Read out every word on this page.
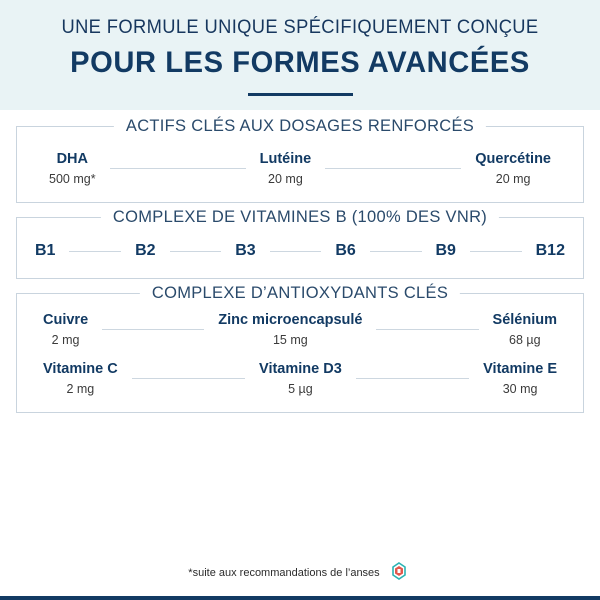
UNE FORMULE UNIQUE SPÉCIFIQUEMENT CONÇUE
POUR LES FORMES AVANCÉES
ACTIFS CLÉS AUX DOSAGES RENFORCÉS
DHA
500 mg*
Lutéine
20 mg
Quercétine
20 mg
COMPLEXE DE VITAMINES B (100% DES VNR)
B1	B2	B3	B6	B9	B12
COMPLEXE D’ANTIOXYDANTS CLÉS
Cuivre
2 mg
Zinc microencapsulé
15 mg
Sélénium
68 µg
Vitamine C
2 mg
Vitamine D3
5 µg
Vitamine E
30 mg
*suite aux recommandations de l’anses
